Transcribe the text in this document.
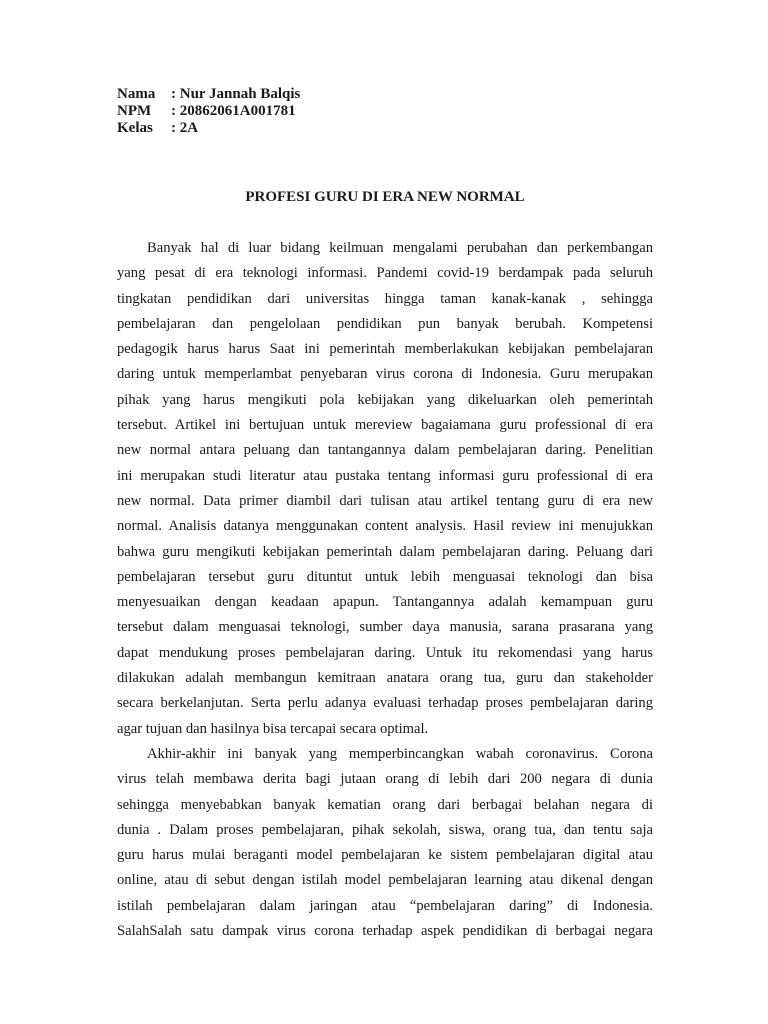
Nama	: Nur Jannah Balqis
NPM	: 20862061A001781
Kelas	: 2A
PROFESI GURU DI ERA NEW NORMAL
Banyak hal di luar bidang keilmuan mengalami perubahan dan perkembangan
yang pesat di era teknologi informasi. Pandemi covid-19 berdampak pada seluruh
tingkatan pendidikan dari universitas hingga taman kanak-kanak , sehingga
pembelajaran dan pengelolaan pendidikan pun banyak berubah. Kompetensi
pedagogik harus harus Saat ini pemerintah memberlakukan kebijakan pembelajaran
daring untuk memperlambat penyebaran virus corona di Indonesia. Guru merupakan
pihak yang harus mengikuti pola kebijakan yang dikeluarkan oleh pemerintah
tersebut. Artikel ini bertujuan untuk mereview bagaiamana guru professional di era
new normal antara peluang dan tantangannya dalam pembelajaran daring. Penelitian
ini merupakan studi literatur atau pustaka tentang informasi guru professional di era
new normal. Data primer diambil dari tulisan atau artikel tentang guru di era new
normal. Analisis datanya menggunakan content analysis. Hasil review ini menujukkan
bahwa guru mengikuti kebijakan pemerintah dalam pembelajaran daring. Peluang dari
pembelajaran tersebut guru dituntut untuk lebih menguasai teknologi dan bisa
menyesuaikan dengan keadaan apapun. Tantangannya adalah kemampuan guru
tersebut dalam menguasai teknologi, sumber daya manusia, sarana prasarana yang
dapat mendukung proses pembelajaran daring. Untuk itu rekomendasi yang harus
dilakukan adalah membangun kemitraan anatara orang tua, guru dan stakeholder
secara berkelanjutan. Serta perlu adanya evaluasi terhadap proses pembelajaran daring
agar tujuan dan hasilnya bisa tercapai secara optimal.
Akhir-akhir ini banyak yang memperbincangkan wabah coronavirus. Corona
virus telah membawa derita bagi jutaan orang di lebih dari 200 negara di dunia
sehingga menyebabkan banyak kematian orang dari berbagai belahan negara di
dunia . Dalam proses pembelajaran, pihak sekolah, siswa, orang tua, dan tentu saja
guru harus mulai beraganti model pembelajaran ke sistem pembelajaran digital atau
online, atau di sebut dengan istilah model pembelajaran learning atau dikenal dengan
istilah pembelajaran dalam jaringan atau “pembelajaran daring” di Indonesia.
SalahSalah satu dampak virus corona terhadap aspek pendidikan di berbagai negara
